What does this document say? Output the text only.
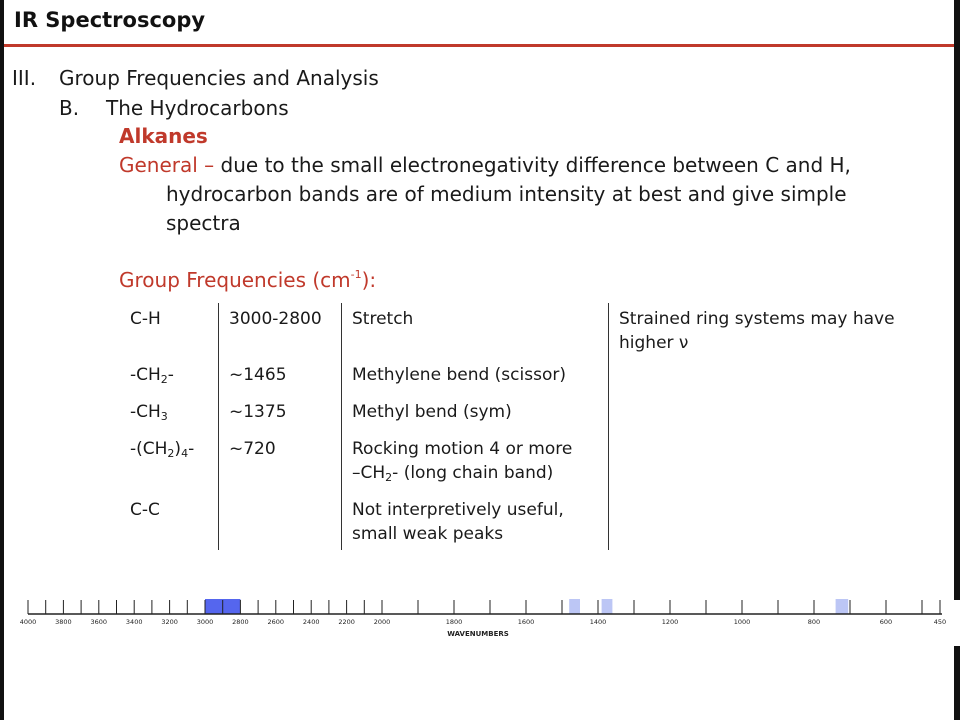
IR Spectroscopy
III. Group Frequencies and Analysis
B. The Hydrocarbons
Alkanes
General – due to the small electronegativity difference between C and H,
hydrocarbon bands are of medium intensity at best and give simple
spectra
Group Frequencies $(cm^{-1})$:
C-H	3000-2800	Stretch	Strained ring systems may have
higher ν

$-CH_2-$	~1465	Methylene bend (scissor)	
$-CH_3$	~1375	Methyl bend (sym)	
$-(CH_2)_4-$	~720	Rocking motion 4 or more
$-CH_2-$ (long chain band)	

C-C		Not interpretively useful,
small weak peaks	

4000	3800	3600	3400	3200	3000	2800	2600	2400	2200	2000	1800	1600	1400	1200	1000	800	600	450
WAVENUMBERS
